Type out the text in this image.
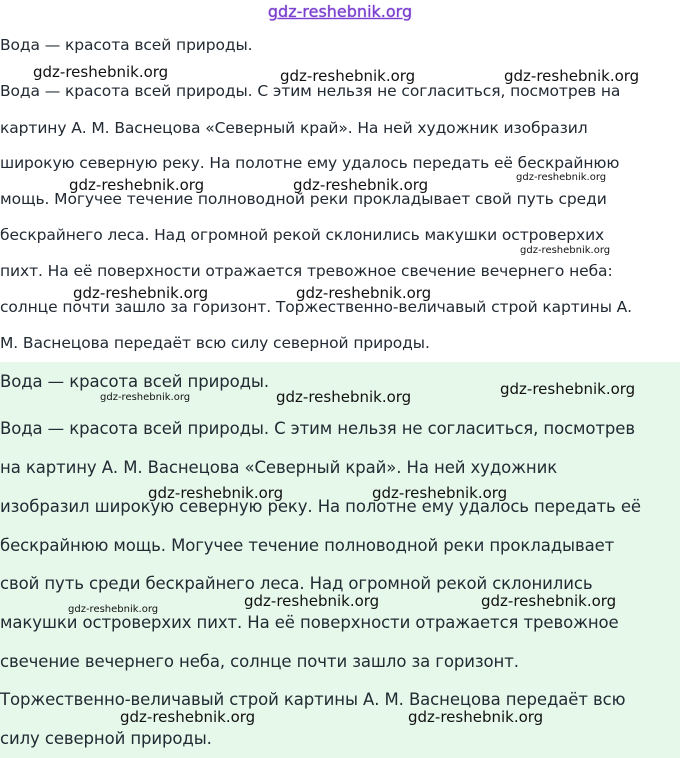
gdz-reshebnik.org
Вода — красота всей природы.
Вода — красота всей природы. С этим нельзя не согласиться, посмотрев на
картину А. М. Васнецова «Северный край». На ней художник изобразил
широкую северную реку. На полотне ему удалось передать её бескрайнюю
мощь. Могучее течение полноводной реки прокладывает свой путь среди
бескрайнего леса. Над огромной рекой склонились макушки островерхих
пихт. На её поверхности отражается тревожное свечение вечернего неба:
солнце почти зашло за горизонт. Торжественно-величавый строй картины А.
М. Васнецова передаёт всю силу северной природы.
Вода — красота всей природы.
Вода — красота всей природы. С этим нельзя не согласиться, посмотрев
на картину А. М. Васнецова «Северный край». На ней художник
изобразил широкую северную реку. На полотне ему удалось передать её
бескрайнюю мощь. Могучее течение полноводной реки прокладывает
свой путь среди бескрайнего леса. Над огромной рекой склонились
макушки островерхих пихт. На её поверхности отражается тревожное
свечение вечернего неба, солнце почти зашло за горизонт.
Торжественно-величавый строй картины А. М. Васнецова передаёт всю
силу северной природы.
gdz-reshebnik.org	gdz-reshebnik.org	gdz-reshebnik.org
gdz-reshebnik.org	gdz-reshebnik.org	gdz-reshebnik.org
gdz-reshebnik.org
gdz-reshebnik.org	gdz-reshebnik.org
gdz-reshebnik.org
gdz-reshebnik.org	gdz-reshebnik.org
gdz-reshebnik.org	gdz-reshebnik.org
gdz-reshebnik.org	gdz-reshebnik.org
gdz-reshebnik.org
gdz-reshebnik.org	gdz-reshebnik.org
